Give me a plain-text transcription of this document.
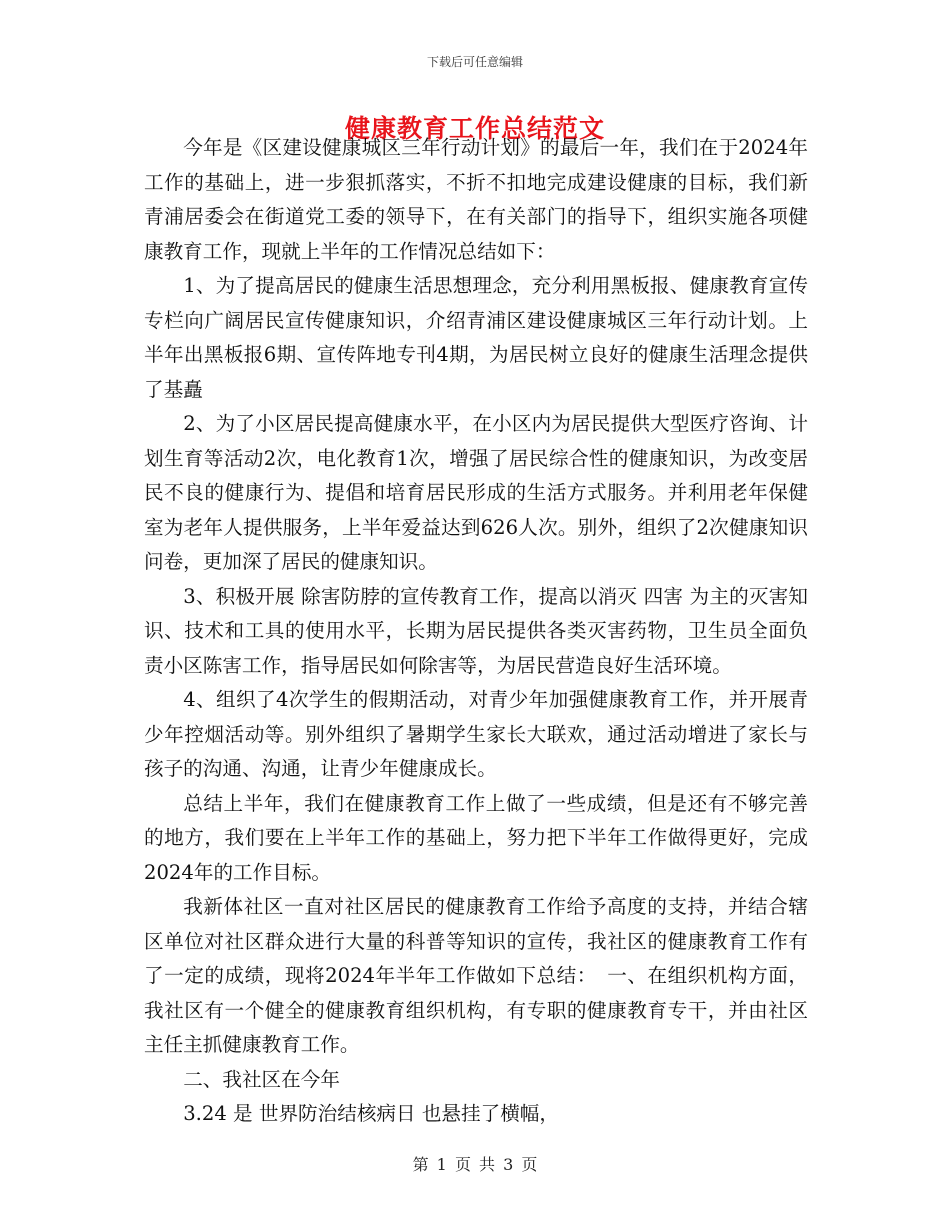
下载后可任意编辑
健康教育工作总结范文

今年是《区建设健康城区三年行动计划》的最后一年，我们在于2024年工作的基础上，进一步狠抓落实，不折不扣地完成建设健康的目标，我们新青浦居委会在街道党工委的领导下，在有关部门的指导下，组织实施各项健康教育工作，现就上半年的工作情况总结如下：

1、为了提高居民的健康生活思想理念，充分利用黑板报、健康教育宣传专栏向广阔居民宣传健康知识，介绍青浦区建设健康城区三年行动计划。上半年出黑板报6期、宣传阵地专刊4期，为居民树立良好的健康生活理念提供了基矗

2、为了小区居民提高健康水平，在小区内为居民提供大型医疗咨询、计划生育等活动2次，电化教育1次，增强了居民综合性的健康知识，为改变居民不良的健康行为、提倡和培育居民形成的生活方式服务。并利用老年保健室为老年人提供服务，上半年爱益达到626人次。别外，组织了2次健康知识问卷，更加深了居民的健康知识。

3、积极开展 除害防脖的宣传教育工作，提高以消灭 四害 为主的灭害知识、技术和工具的使用水平，长期为居民提供各类灭害药物，卫生员全面负责小区陈害工作，指导居民如何除害等，为居民营造良好生活环境。

4、组织了4次学生的假期活动，对青少年加强健康教育工作，并开展青少年控烟活动等。别外组织了暑期学生家长大联欢，通过活动增进了家长与孩子的沟通、沟通，让青少年健康成长。

总结上半年，我们在健康教育工作上做了一些成绩，但是还有不够完善的地方，我们要在上半年工作的基础上，努力把下半年工作做得更好，完成2024年的工作目标。

我新体社区一直对社区居民的健康教育工作给予高度的支持，并结合辖区单位对社区群众进行大量的科普等知识的宣传，我社区的健康教育工作有了一定的成绩，现将2024年半年工作做如下总结：　一、在组织机构方面，我社区有一个健全的健康教育组织机构，有专职的健康教育专干，并由社区主任主抓健康教育工作。

二、我社区在今年

3.24 是 世界防治结核病日 也悬挂了横幅，

第 1 页 共 3 页
